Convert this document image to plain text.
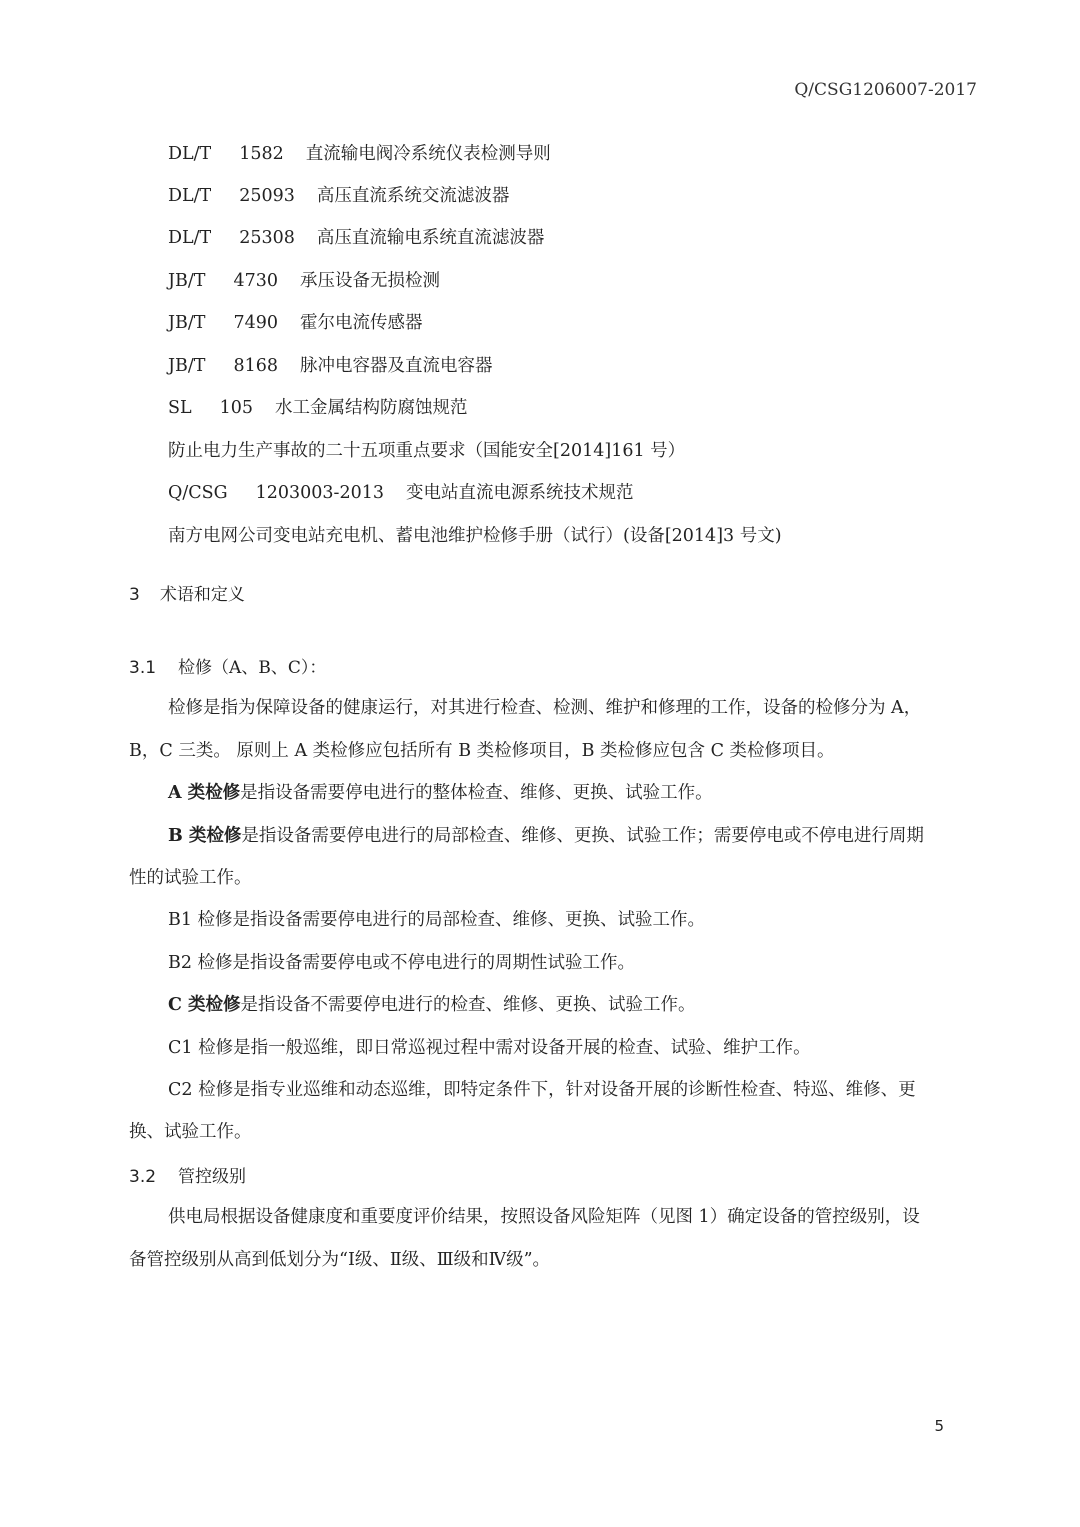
Q/CSG1206007-2017
DL/T 1582 直流输电阀冷系统仪表检测导则
DL/T 25093 高压直流系统交流滤波器
DL/T 25308 高压直流输电系统直流滤波器
JB/T 4730 承压设备无损检测
JB/T 7490 霍尔电流传感器
JB/T 8168 脉冲电容器及直流电容器
SL 105 水工金属结构防腐蚀规范
防止电力生产事故的二十五项重点要求（国能安全[2014]161 号）
Q/CSG 1203003-2013 变电站直流电源系统技术规范
南方电网公司变电站充电机、蓄电池维护检修手册（试行）(设备[2014]3 号文)
3 术语和定义
3.1 检修（A、B、C）：
检修是指为保障设备的健康运行，对其进行检查、检测、维护和修理的工作，设备的检修分为 A，
B，C 三类。 原则上 A 类检修应包括所有 B 类检修项目，B 类检修应包含 C 类检修项目。
A 类检修是指设备需要停电进行的整体检查、维修、更换、试验工作。
B 类检修是指设备需要停电进行的局部检查、维修、更换、试验工作；需要停电或不停电进行周期
性的试验工作。
B1 检修是指设备需要停电进行的局部检查、维修、更换、试验工作。
B2 检修是指设备需要停电或不停电进行的周期性试验工作。
C 类检修是指设备不需要停电进行的检查、维修、更换、试验工作。
C1 检修是指一般巡维，即日常巡视过程中需对设备开展的检查、试验、维护工作。
C2 检修是指专业巡维和动态巡维，即特定条件下，针对设备开展的诊断性检查、特巡、维修、更
换、试验工作。
3.2 管控级别
供电局根据设备健康度和重要度评价结果，按照设备风险矩阵（见图 1）确定设备的管控级别，设
备管控级别从高到低划分为“Ⅰ级、Ⅱ级、Ⅲ级和Ⅳ级”。
5
